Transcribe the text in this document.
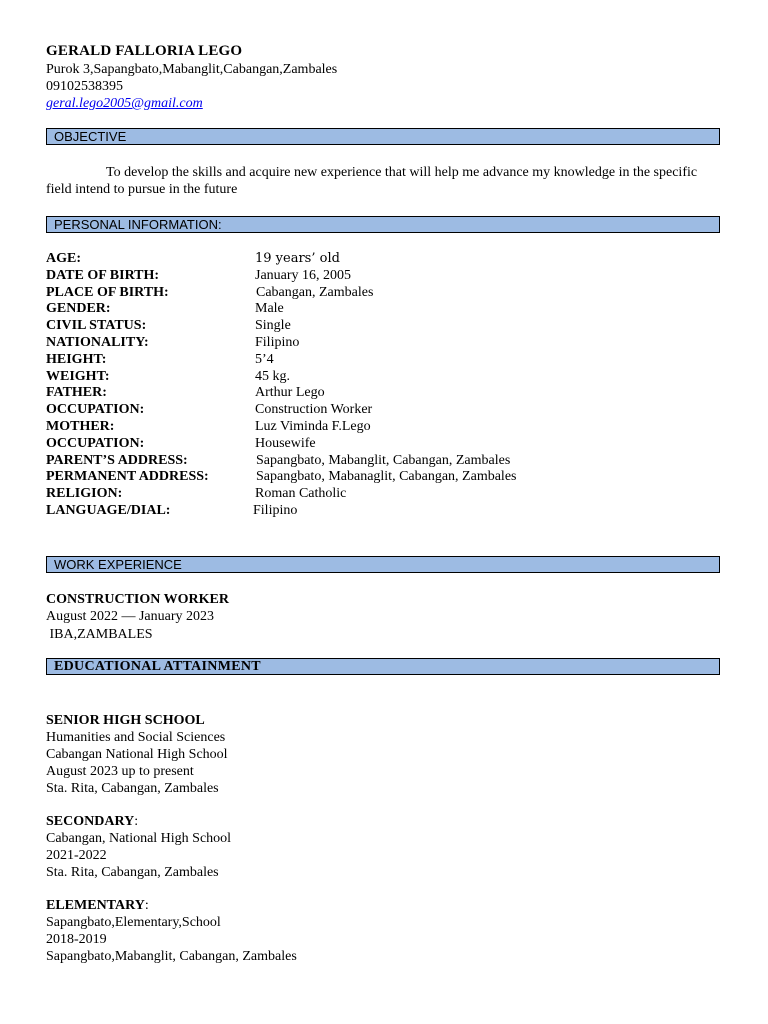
GERALD FALLORIA LEGO
Purok 3,Sapangbato,Mabanglit,Cabangan,Zambales
09102538395
geral.lego2005@gmail.com
OBJECTIVE
To develop the skills and acquire new experience that will help me advance my knowledge in the specific field intend to pursue in the future
PERSONAL INFORMATION:
AGE:	19 years’ old
DATE OF BIRTH:	January 16, 2005
PLACE OF BIRTH:	Cabangan, Zambales
GENDER:	Male
CIVIL STATUS:	Single
NATIONALITY:	Filipino
HEIGHT:	5’4
WEIGHT:	45 kg.
FATHER:	Arthur Lego
OCCUPATION:	Construction Worker
MOTHER:	Luz Viminda F.Lego
OCCUPATION:	Housewife
PARENT’S ADDRESS:	Sapangbato, Mabanglit, Cabangan, Zambales
PERMANENT ADDRESS:	Sapangbato, Mabanaglit, Cabangan, Zambales
RELIGION:	Roman Catholic
LANGUAGE/DIAL:	Filipino
WORK EXPERIENCE
CONSTRUCTION WORKER
August 2022 — January 2023
IBA,ZAMBALES
EDUCATIONAL ATTAINMENT
SENIOR HIGH SCHOOL
Humanities and Social Sciences
Cabangan National High School
August 2023 up to present
Sta. Rita, Cabangan, Zambales
SECONDARY:
Cabangan, National High School
2021-2022
Sta. Rita, Cabangan, Zambales
ELEMENTARY:
Sapangbato,Elementary,School
2018-2019
Sapangbato,Mabanglit, Cabangan, Zambales
